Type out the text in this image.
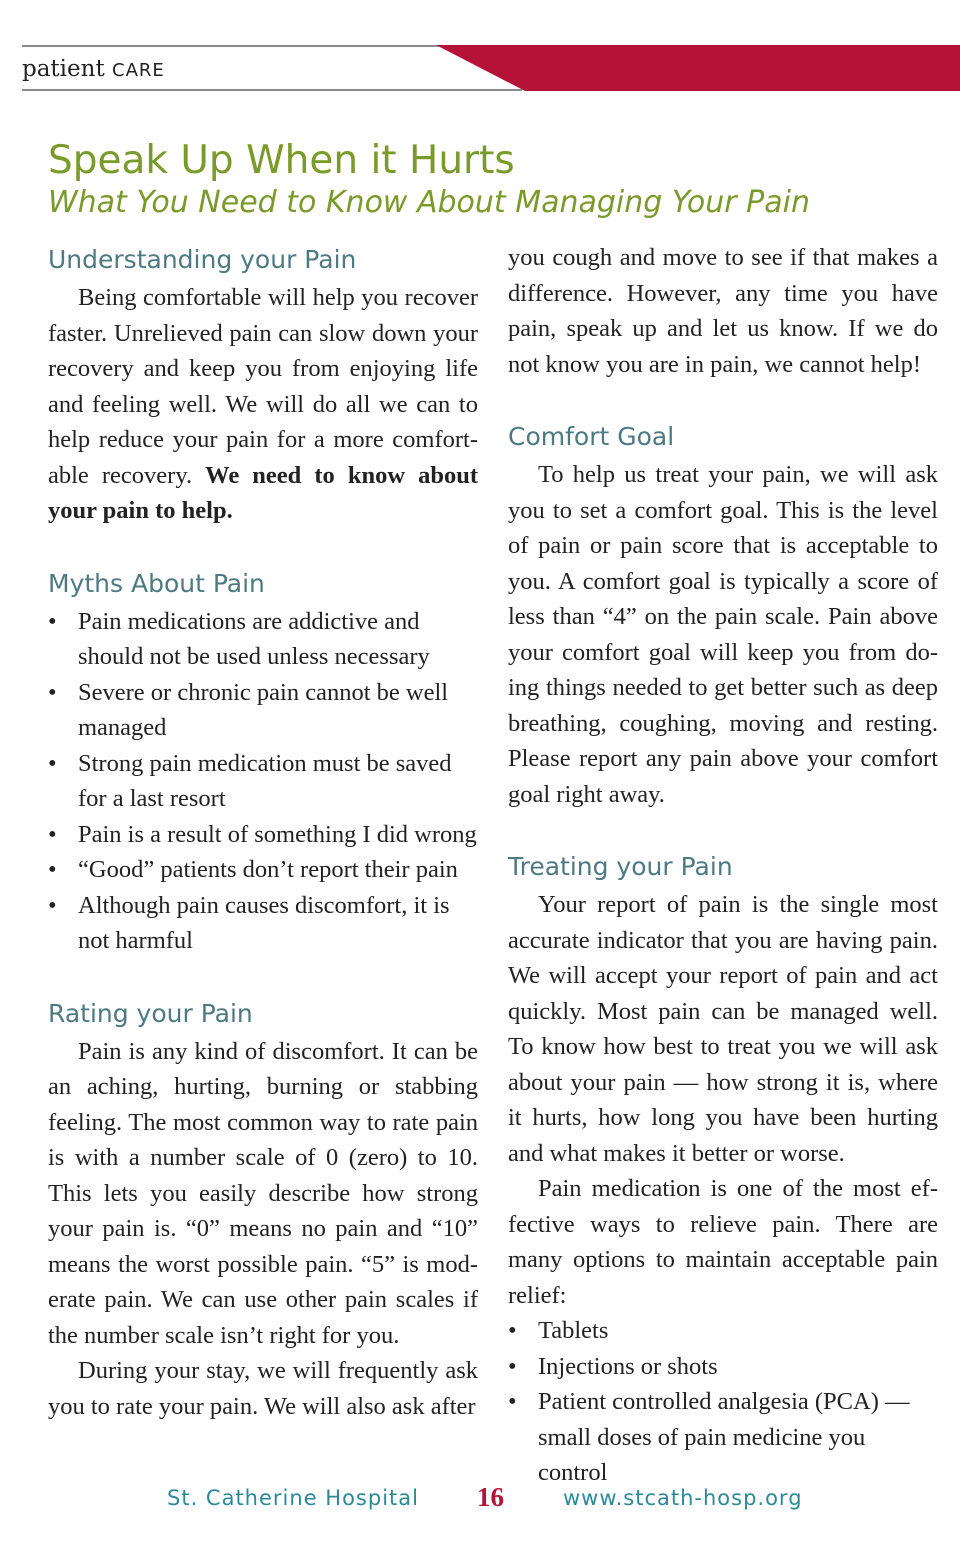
patient CARE
Speak Up When it Hurts
What You Need to Know About Managing Your Pain
Understanding your Pain

Being comfortable will help you recover faster. Unrelieved pain can slow down your recovery and keep you from enjoying life and feeling well. We will do all we can to help reduce your pain for a more comfort-able recovery. We need to know about your pain to help.

Myths About Pain
• Pain medications are addictive and should not be used unless necessary
• Severe or chronic pain cannot be well managed
• Strong pain medication must be saved for a last resort
• Pain is a result of something I did wrong
• “Good” patients don’t report their pain
• Although pain causes discomfort, it is not harmful
Rating your Pain

Pain is any kind of discomfort. It can be an aching, hurting, burning or stabbing feeling. The most common way to rate pain is with a number scale of 0 (zero) to 10. This lets you easily describe how strong your pain is. “0” means no pain and “10” means the worst possible pain. “5” is mod-erate pain. We can use other pain scales if the number scale isn’t right for you.

During your stay, we will frequently ask you to rate your pain. We will also ask after

you cough and move to see if that makes a difference. However, any time you have pain, speak up and let us know. If we do not know you are in pain, we cannot help!

Comfort Goal

To help us treat your pain, we will ask you to set a comfort goal. This is the level of pain or pain score that is acceptable to you. A comfort goal is typically a score of less than “4” on the pain scale. Pain above your comfort goal will keep you from do-ing things needed to get better such as deep breathing, coughing, moving and resting. Please report any pain above your comfort goal right away.

Treating your Pain

Your report of pain is the single most accurate indicator that you are having pain. We will accept your report of pain and act quickly. Most pain can be managed well. To know how best to treat you we will ask about your pain — how strong it is, where it hurts, how long you have been hurting and what makes it better or worse.

Pain medication is one of the most ef-fective ways to relieve pain. There are many options to maintain acceptable pain relief:

• Tablets
• Injections or shots
• Patient controlled analgesia (PCA) — small doses of pain medicine you control
St. Catherine Hospital 16	www.stcath-hosp.org
